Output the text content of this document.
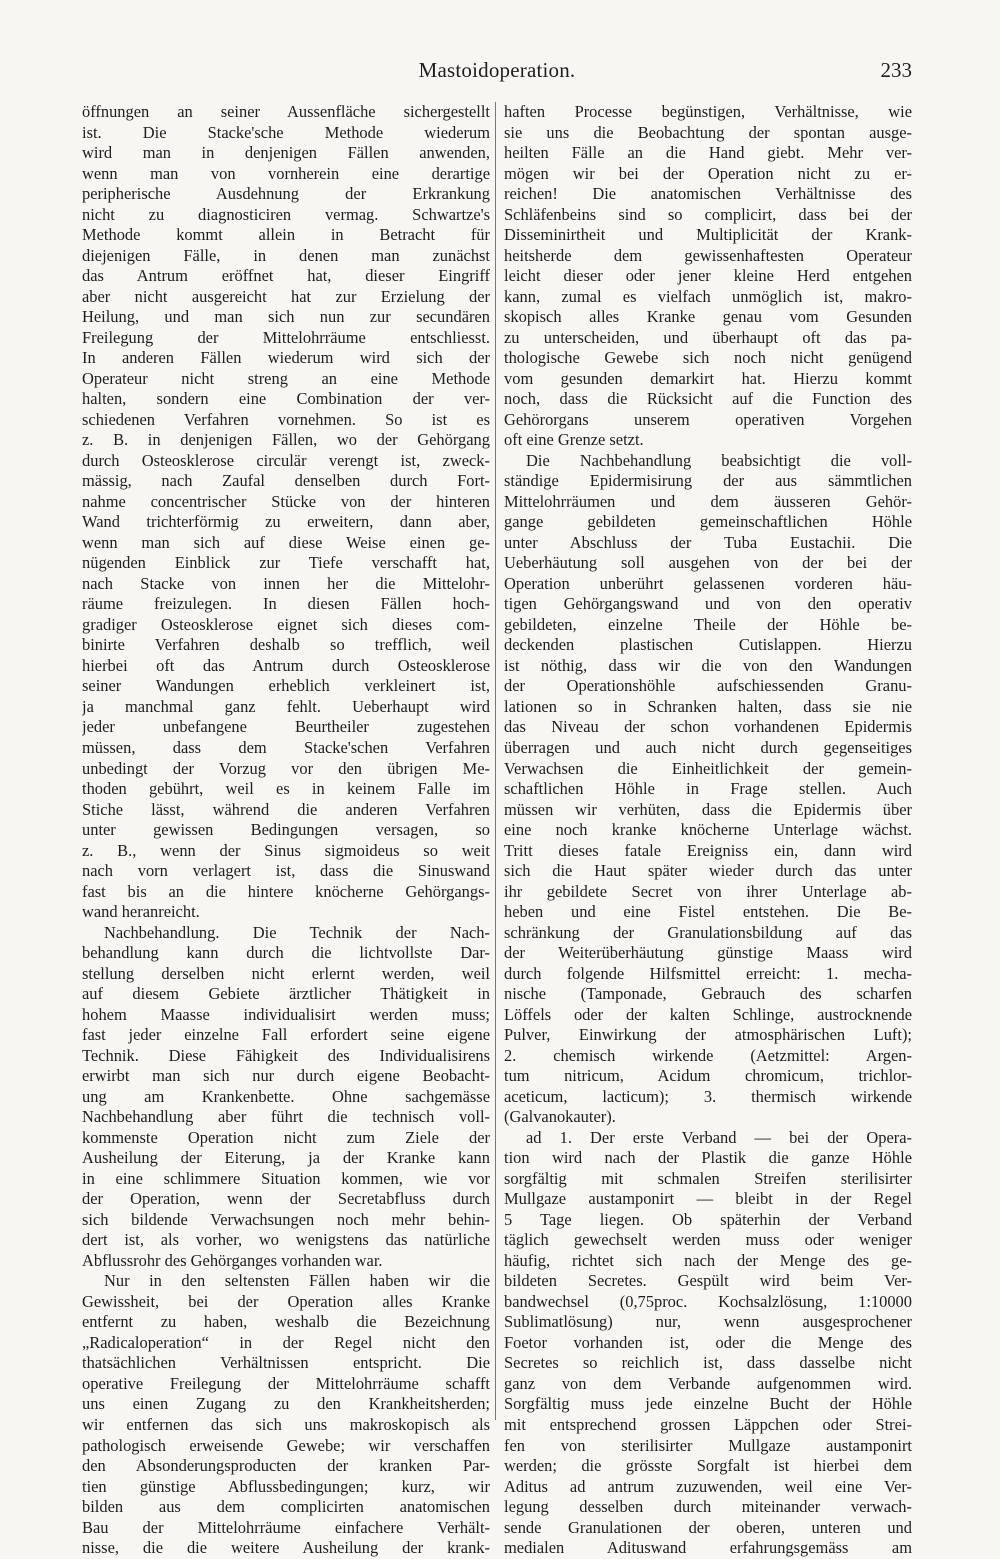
Mastoidoperation.	233
öffnungen an seiner Aussenfläche sichergestellt
ist. Die Stacke'sche Methode wiederum
wird man in denjenigen Fällen anwenden,
wenn man von vornherein eine derartige
peripherische Ausdehnung der Erkrankung
nicht zu diagnosticiren vermag. Schwartze's
Methode kommt allein in Betracht für
diejenigen Fälle, in denen man zunächst
das Antrum eröffnet hat, dieser Eingriff
aber nicht ausgereicht hat zur Erzielung der
Heilung, und man sich nun zur secundären
Freilegung der Mittelohrräume entschliesst.
In anderen Fällen wiederum wird sich der
Operateur nicht streng an eine Methode
halten, sondern eine Combination der ver-
schiedenen Verfahren vornehmen. So ist es
z. B. in denjenigen Fällen, wo der Gehörgang
durch Osteosklerose circulär verengt ist, zweck-
mässig, nach Zaufal denselben durch Fort-
nahme concentrischer Stücke von der hinteren
Wand trichterförmig zu erweitern, dann aber,
wenn man sich auf diese Weise einen ge-
nügenden Einblick zur Tiefe verschafft hat,
nach Stacke von innen her die Mittelohr-
räume freizulegen. In diesen Fällen hoch-
gradiger Osteosklerose eignet sich dieses com-
binirte Verfahren deshalb so trefflich, weil
hierbei oft das Antrum durch Osteosklerose
seiner Wandungen erheblich verkleinert ist,
ja manchmal ganz fehlt. Ueberhaupt wird
jeder unbefangene Beurtheiler zugestehen
müssen, dass dem Stacke'schen Verfahren
unbedingt der Vorzug vor den übrigen Me-
thoden gebührt, weil es in keinem Falle im
Stiche lässt, während die anderen Verfahren
unter gewissen Bedingungen versagen, so
z. B., wenn der Sinus sigmoideus so weit
nach vorn verlagert ist, dass die Sinuswand
fast bis an die hintere knöcherne Gehörgangs-
wand heranreicht.
Nachbehandlung. Die Technik der Nach-
behandlung kann durch die lichtvollste Dar-
stellung derselben nicht erlernt werden, weil
auf diesem Gebiete ärztlicher Thätigkeit in
hohem Maasse individualisirt werden muss;
fast jeder einzelne Fall erfordert seine eigene
Technik. Diese Fähigkeit des Individualisirens
erwirbt man sich nur durch eigene Beobacht-
ung am Krankenbette. Ohne sachgemässe
Nachbehandlung aber führt die technisch voll-
kommenste Operation nicht zum Ziele der
Ausheilung der Eiterung, ja der Kranke kann
in eine schlimmere Situation kommen, wie vor
der Operation, wenn der Secretabfluss durch
sich bildende Verwachsungen noch mehr behin-
dert ist, als vorher, wo wenigstens das natürliche
Abflussrohr des Gehörganges vorhanden war.
Nur in den seltensten Fällen haben wir die
Gewissheit, bei der Operation alles Kranke
entfernt zu haben, weshalb die Bezeichnung
„Radicaloperation“ in der Regel nicht den
thatsächlichen Verhältnissen entspricht. Die
operative Freilegung der Mittelohrräume schafft
uns einen Zugang zu den Krankheitsherden;
wir entfernen das sich uns makroskopisch als
pathologisch erweisende Gewebe; wir verschaffen
den Absonderungsproducten der kranken Par-
tien günstige Abflussbedingungen; kurz, wir
bilden aus dem complicirten anatomischen
Bau der Mittelohrräume einfachere Verhält-
nisse, die die weitere Ausheilung der krank-
haften Processe begünstigen, Verhältnisse, wie
sie uns die Beobachtung der spontan ausge-
heilten Fälle an die Hand giebt. Mehr ver-
mögen wir bei der Operation nicht zu er-
reichen! Die anatomischen Verhältnisse des
Schläfenbeins sind so complicirt, dass bei der
Disseminirtheit und Multiplicität der Krank-
heitsherde dem gewissenhaftesten Operateur
leicht dieser oder jener kleine Herd entgehen
kann, zumal es vielfach unmöglich ist, makro-
skopisch alles Kranke genau vom Gesunden
zu unterscheiden, und überhaupt oft das pa-
thologische Gewebe sich noch nicht genügend
vom gesunden demarkirt hat. Hierzu kommt
noch, dass die Rücksicht auf die Function des
Gehörorgans unserem operativen Vorgehen
oft eine Grenze setzt.
Die Nachbehandlung beabsichtigt die voll-
ständige Epidermisirung der aus sämmtlichen
Mittelohrräumen und dem äusseren Gehör-
gange gebildeten gemeinschaftlichen Höhle
unter Abschluss der Tuba Eustachii. Die
Ueberhäutung soll ausgehen von der bei der
Operation unberührt gelassenen vorderen häu-
tigen Gehörgangswand und von den operativ
gebildeten, einzelne Theile der Höhle be-
deckenden plastischen Cutislappen. Hierzu
ist nöthig, dass wir die von den Wandungen
der Operationshöhle aufschiessenden Granu-
lationen so in Schranken halten, dass sie nie
das Niveau der schon vorhandenen Epidermis
überragen und auch nicht durch gegenseitiges
Verwachsen die Einheitlichkeit der gemein-
schaftlichen Höhle in Frage stellen. Auch
müssen wir verhüten, dass die Epidermis über
eine noch kranke knöcherne Unterlage wächst.
Tritt dieses fatale Ereigniss ein, dann wird
sich die Haut später wieder durch das unter
ihr gebildete Secret von ihrer Unterlage ab-
heben und eine Fistel entstehen. Die Be-
schränkung der Granulationsbildung auf das
der Weiterüberhäutung günstige Maass wird
durch folgende Hilfsmittel erreicht: 1. mecha-
nische (Tamponade, Gebrauch des scharfen
Löffels oder der kalten Schlinge, austrocknende
Pulver, Einwirkung der atmosphärischen Luft);
2. chemisch wirkende (Aetzmittel: Argen-
tum nitricum, Acidum chromicum, trichlor-
aceticum, lacticum); 3. thermisch wirkende
(Galvanokauter).
ad 1. Der erste Verband — bei der Opera-
tion wird nach der Plastik die ganze Höhle
sorgfältig mit schmalen Streifen sterilisirter
Mullgaze austamponirt — bleibt in der Regel
5 Tage liegen. Ob späterhin der Verband
täglich gewechselt werden muss oder weniger
häufig, richtet sich nach der Menge des ge-
bildeten Secretes. Gespült wird beim Ver-
bandwechsel (0,75proc. Kochsalzlösung, 1:10000
Sublimatlösung) nur, wenn ausgesprochener
Foetor vorhanden ist, oder die Menge des
Secretes so reichlich ist, dass dasselbe nicht
ganz von dem Verbande aufgenommen wird.
Sorgfältig muss jede einzelne Bucht der Höhle
mit entsprechend grossen Läppchen oder Strei-
fen von sterilisirter Mullgaze austamponirt
werden; die grösste Sorgfalt ist hierbei dem
Aditus ad antrum zuzuwenden, weil eine Ver-
legung desselben durch miteinander verwach-
sende Granulationen der oberen, unteren und
medialen Adituswand erfahrungsgemäss am
